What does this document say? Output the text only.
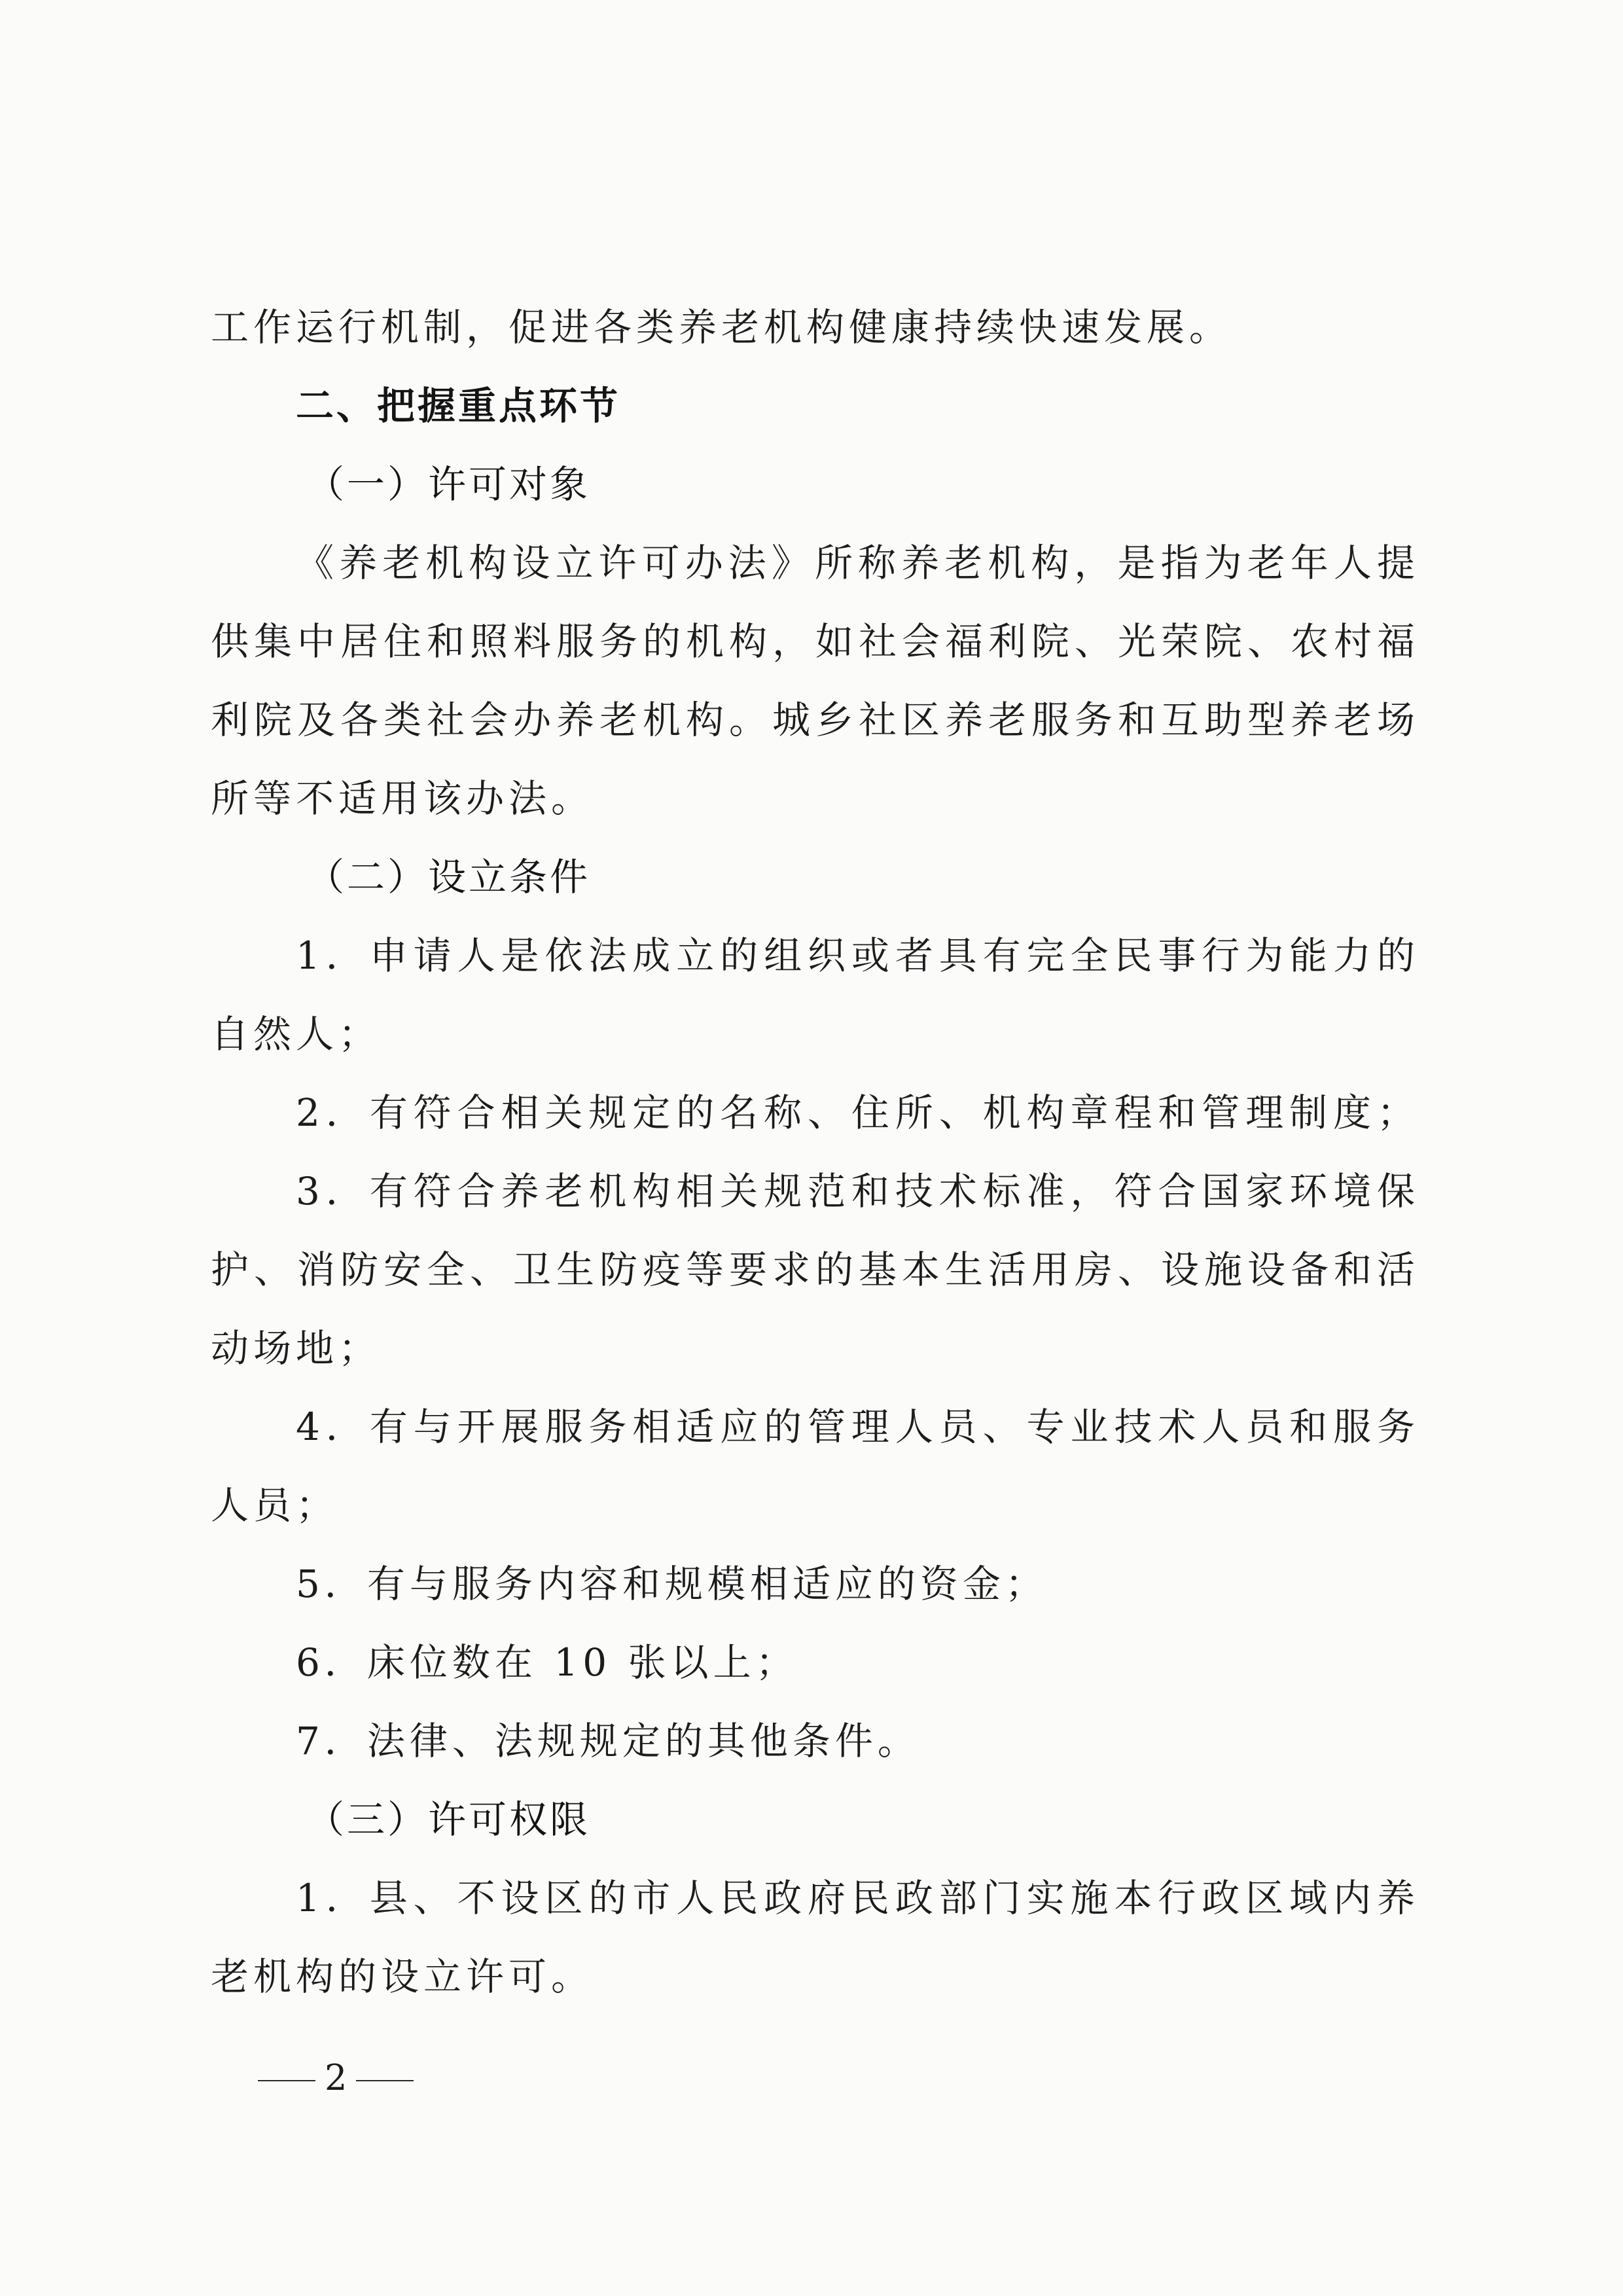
工作运行机制，促进各类养老机构健康持续快速发展。
二、把握重点环节
（一）许可对象
《养老机构设立许可办法》所称养老机构，是指为老年人提
供集中居住和照料服务的机构，如社会福利院、光荣院、农村福
利院及各类社会办养老机构。城乡社区养老服务和互助型养老场
所等不适用该办法。
（二）设立条件
1．申请人是依法成立的组织或者具有完全民事行为能力的
自然人；
2．有符合相关规定的名称、住所、机构章程和管理制度；
3．有符合养老机构相关规范和技术标准，符合国家环境保
护、消防安全、卫生防疫等要求的基本生活用房、设施设备和活
动场地；
4．有与开展服务相适应的管理人员、专业技术人员和服务
人员；
5．有与服务内容和规模相适应的资金；
6．床位数在 10 张以上；
7．法律、法规规定的其他条件。
（三）许可权限
1．县、不设区的市人民政府民政部门实施本行政区域内养
老机构的设立许可。
2
